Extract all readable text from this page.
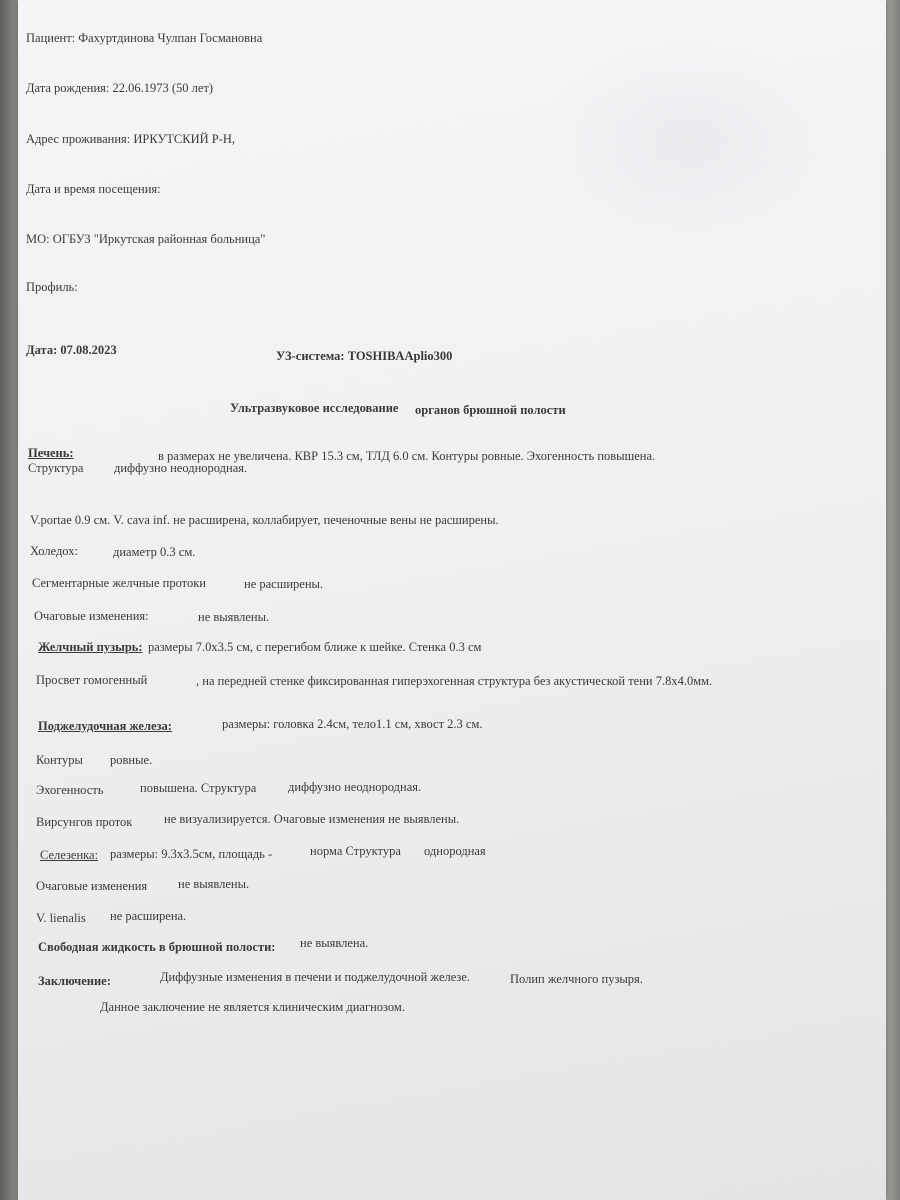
Пациент: Фахуртдинова Чулпан Госмановна
Дата рождения: 22.06.1973 (50 лет)
Адрес проживания: ИРКУТСКИЙ Р-Н,
Дата и время посещения:
МО: ОГБУЗ "Иркутская районная больница"
Профиль:
Дата: 07.08.2023	УЗ-система: TOSHIBAAplio300
Ультразвуковое исследование органов брюшной полости
Печень:	в размерах не увеличена. КВР 15.3 см, ТЛД 6.0 см. Контуры ровные. Эхогенность повышена.
Структура диффузно неоднородная.
V.portae 0.9 см. V. cava inf. не расширена, коллабирует, печеночные вены не расширены.
Холедох:	диаметр 0.3 см.
Сегментарные желчные протоки	не расширены.
Очаговые изменения:	не выявлены.
Желчный пузырь: размеры 7.0х3.5 см, с перегибом ближе к шейке. Стенка 0.3 см
Просвет гомогенный	, на передней стенке фиксированная гиперэхогенная структура без акустической тени 7.8х4.0мм.
Поджелудочная железа:	размеры: головка 2.4см, тело1.1 см, хвост 2.3 см.
Контуры ровные.
Эхогенность	повышена. Структура	диффузно неоднородная.
Вирсунгов проток	не визуализируется. Очаговые изменения не выявлены.
Селезенка: размеры: 9.3х3.5см, площадь -	норма Структура однородная
Очаговые изменения не выявлены.
V. lienalis не расширена.
Свободная жидкость в брюшной полости: не выявлена.
Заключение:	Диффузные изменения в печени и поджелудочной железе.	Полип желчного пузыря.
Данное заключение не является клиническим диагнозом.
